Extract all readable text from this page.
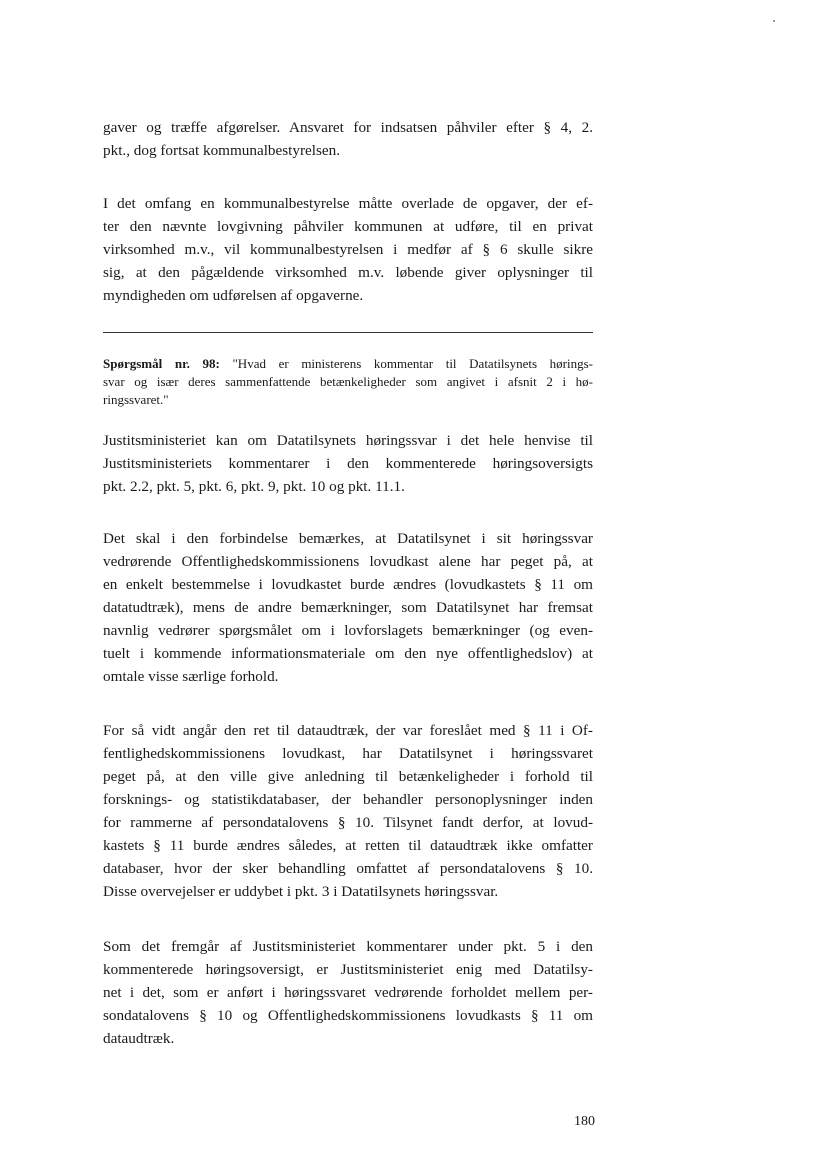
gaver og træffe afgørelser. Ansvaret for indsatsen påhviler efter § 4, 2.
pkt., dog fortsat kommunalbestyrelsen.
I det omfang en kommunalbestyrelse måtte overlade de opgaver, der ef-
ter den nævnte lovgivning påhviler kommunen at udføre, til en privat
virksomhed m.v., vil kommunalbestyrelsen i medfør af § 6 skulle sikre
sig, at den pågældende virksomhed m.v. løbende giver oplysninger til
myndigheden om udførelsen af opgaverne.
Spørgsmål nr. 98: "Hvad er ministerens kommentar til Datatilsynets hørings-
svar og især deres sammenfattende betænkeligheder som angivet i afsnit 2 i hø-
ringssvaret."
Justitsministeriet kan om Datatilsynets høringssvar i det hele henvise til
Justitsministeriets kommentarer i den kommenterede høringsoversigts
pkt. 2.2, pkt. 5, pkt. 6, pkt. 9, pkt. 10 og pkt. 11.1.
Det skal i den forbindelse bemærkes, at Datatilsynet i sit høringssvar
vedrørende Offentlighedskommissionens lovudkast alene har peget på, at
en enkelt bestemmelse i lovudkastet burde ændres (lovudkastets § 11 om
datatudtræk), mens de andre bemærkninger, som Datatilsynet har fremsat
navnlig vedrører spørgsmålet om i lovforslagets bemærkninger (og even-
tuelt i kommende informationsmateriale om den nye offentlighedslov) at
omtale visse særlige forhold.
For så vidt angår den ret til dataudtræk, der var foreslået med § 11 i Of-
fentlighedskommissionens lovudkast, har Datatilsynet i høringssvaret
peget på, at den ville give anledning til betænkeligheder i forhold til
forsknings- og statistikdatabaser, der behandler personoplysninger inden
for rammerne af persondatalovens § 10. Tilsynet fandt derfor, at lovud-
kastets § 11 burde ændres således, at retten til dataudtræk ikke omfatter
databaser, hvor der sker behandling omfattet af persondatalovens § 10.
Disse overvejelser er uddybet i pkt. 3 i Datatilsynets høringssvar.
Som det fremgår af Justitsministeriet kommentarer under pkt. 5 i den
kommenterede høringsoversigt, er Justitsministeriet enig med Datatilsy-
net i det, som er anført i høringssvaret vedrørende forholdet mellem per-
sondatalovens § 10 og Offentlighedskommissionens lovudkasts § 11 om
dataudtræk.
180
